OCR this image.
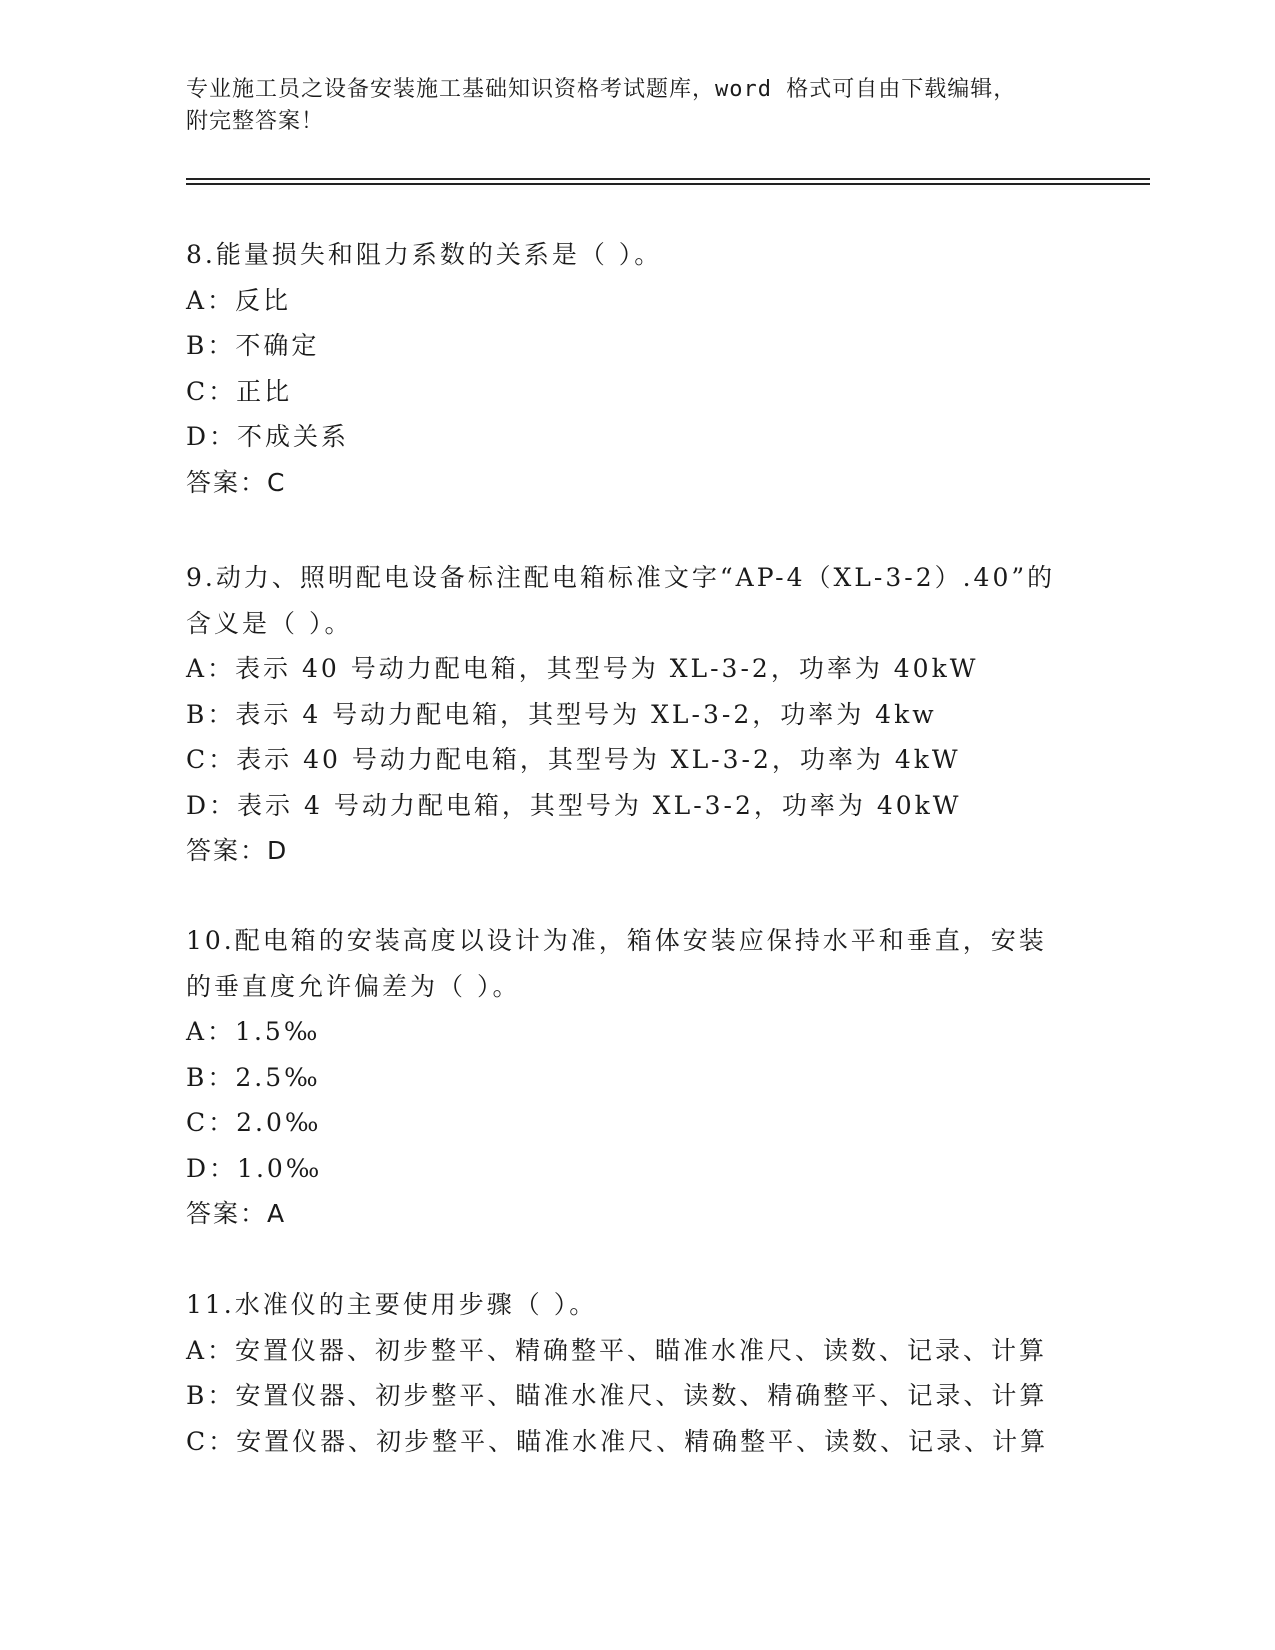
专业施工员之设备安装施工基础知识资格考试题库，word 格式可自由下载编辑，
附完整答案！
8.能量损失和阻力系数的关系是（ ）。
A：反比
B：不确定
C：正比
D：不成关系
答案：C
9.动力、照明配电设备标注配电箱标准文字“AP-4（XL-3-2）.40”的
含义是（ ）。
A：表示 40 号动力配电箱，其型号为 XL-3-2，功率为 40kW
B：表示 4 号动力配电箱，其型号为 XL-3-2，功率为 4kw
C：表示 40 号动力配电箱，其型号为 XL-3-2，功率为 4kW
D：表示 4 号动力配电箱，其型号为 XL-3-2，功率为 40kW
答案：D
10.配电箱的安装高度以设计为准，箱体安装应保持水平和垂直，安装
的垂直度允许偏差为（ ）。
A：1.5‰
B：2.5‰
C：2.0‰
D：1.0‰
答案：A
11.水准仪的主要使用步骤（ ）。
A：安置仪器、初步整平、精确整平、瞄准水准尺、读数、记录、计算
B：安置仪器、初步整平、瞄准水准尺、读数、精确整平、记录、计算
C：安置仪器、初步整平、瞄准水准尺、精确整平、读数、记录、计算
